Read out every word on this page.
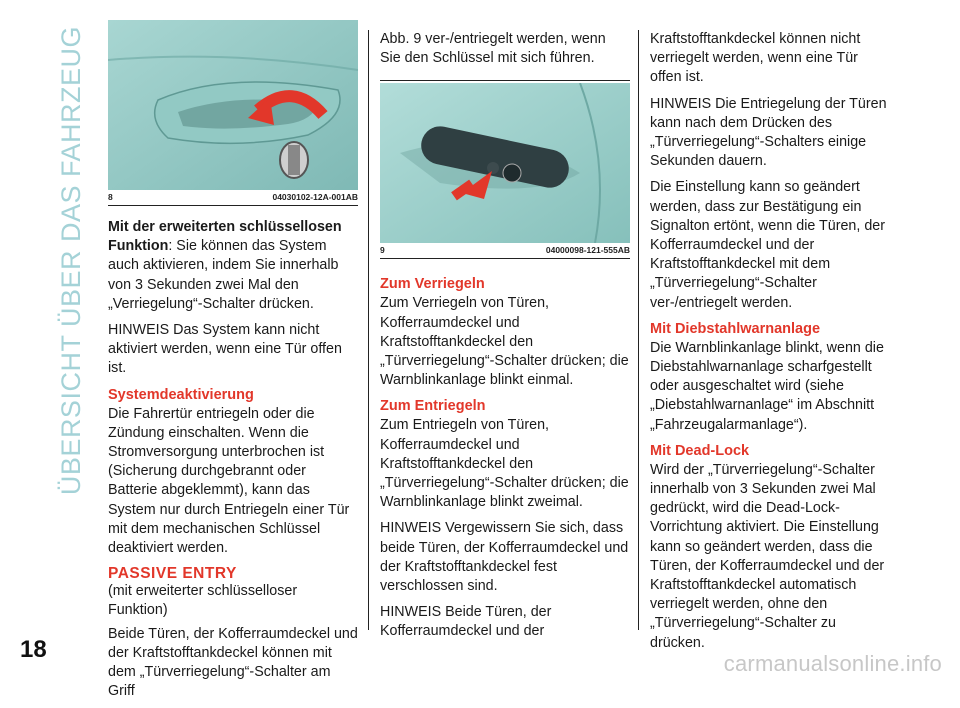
ÜBERSICHT ÜBER DAS FAHRZEUG	8	04030102-12A-001AB

Mit der erweiterten schlüssellosen Funktion: Sie können das System auch aktivieren, indem Sie innerhalb von 3 Sekunden zwei Mal den „Verriegelung“-Schalter drücken.

HINWEIS Das System kann nicht aktiviert werden, wenn eine Tür offen ist.

Systemdeaktivierung

Die Fahrertür entriegeln oder die Zündung einschalten. Wenn die Stromversorgung unterbrochen ist (Sicherung durchgebrannt oder Batterie abgeklemmt), kann das System nur durch Entriegeln einer Tür mit dem mechanischen Schlüssel deaktiviert werden.

PASSIVE ENTRY

(mit erweiterter schlüsselloser Funktion)

Beide Türen, der Kofferraumdeckel und der Kraftstofftankdeckel können mit dem „Türverriegelung“-Schalter am Griff

Abb. 9 ver-/entriegelt werden, wenn Sie den Schlüssel mit sich führen.

9	04000098-121-555AB
Zum Verriegeln

Zum Verriegeln von Türen, Kofferraumdeckel und Kraftstofftankdeckel den „Türverriegelung“-Schalter drücken; die Warnblinkanlage blinkt einmal.

Zum Entriegeln

Zum Entriegeln von Türen, Kofferraumdeckel und Kraftstofftankdeckel den „Türverriegelung“-Schalter drücken; die Warnblinkanlage blinkt zweimal.

HINWEIS Vergewissern Sie sich, dass beide Türen, der Kofferraumdeckel und der Kraftstofftankdeckel fest verschlossen sind.

HINWEIS Beide Türen, der Kofferraumdeckel und der

Kraftstofftankdeckel können nicht verriegelt werden, wenn eine Tür offen ist.

HINWEIS Die Entriegelung der Türen kann nach dem Drücken des „Türverriegelung“-Schalters einige Sekunden dauern.

Die Einstellung kann so geändert werden, dass zur Bestätigung ein Signalton ertönt, wenn die Türen, der Kofferraumdeckel und der Kraftstofftankdeckel mit dem „Türverriegelung“-Schalter ver-/entriegelt werden.

Mit Diebstahlwarnanlage

Die Warnblinkanlage blinkt, wenn die Diebstahlwarnanlage scharfgestellt oder ausgeschaltet wird (siehe „Diebstahlwarnanlage“ im Abschnitt „Fahrzeugalarmanlage“).

Mit Dead-Lock

Wird der „Türverriegelung“-Schalter innerhalb von 3 Sekunden zwei Mal gedrückt, wird die Dead-Lock-Vorrichtung aktiviert. Die Einstellung kann so geändert werden, dass die Türen, der Kofferraumdeckel und der Kraftstofftankdeckel automatisch verriegelt werden, ohne den „Türverriegelung“-Schalter zu drücken.

18
carmanualsonline.info
